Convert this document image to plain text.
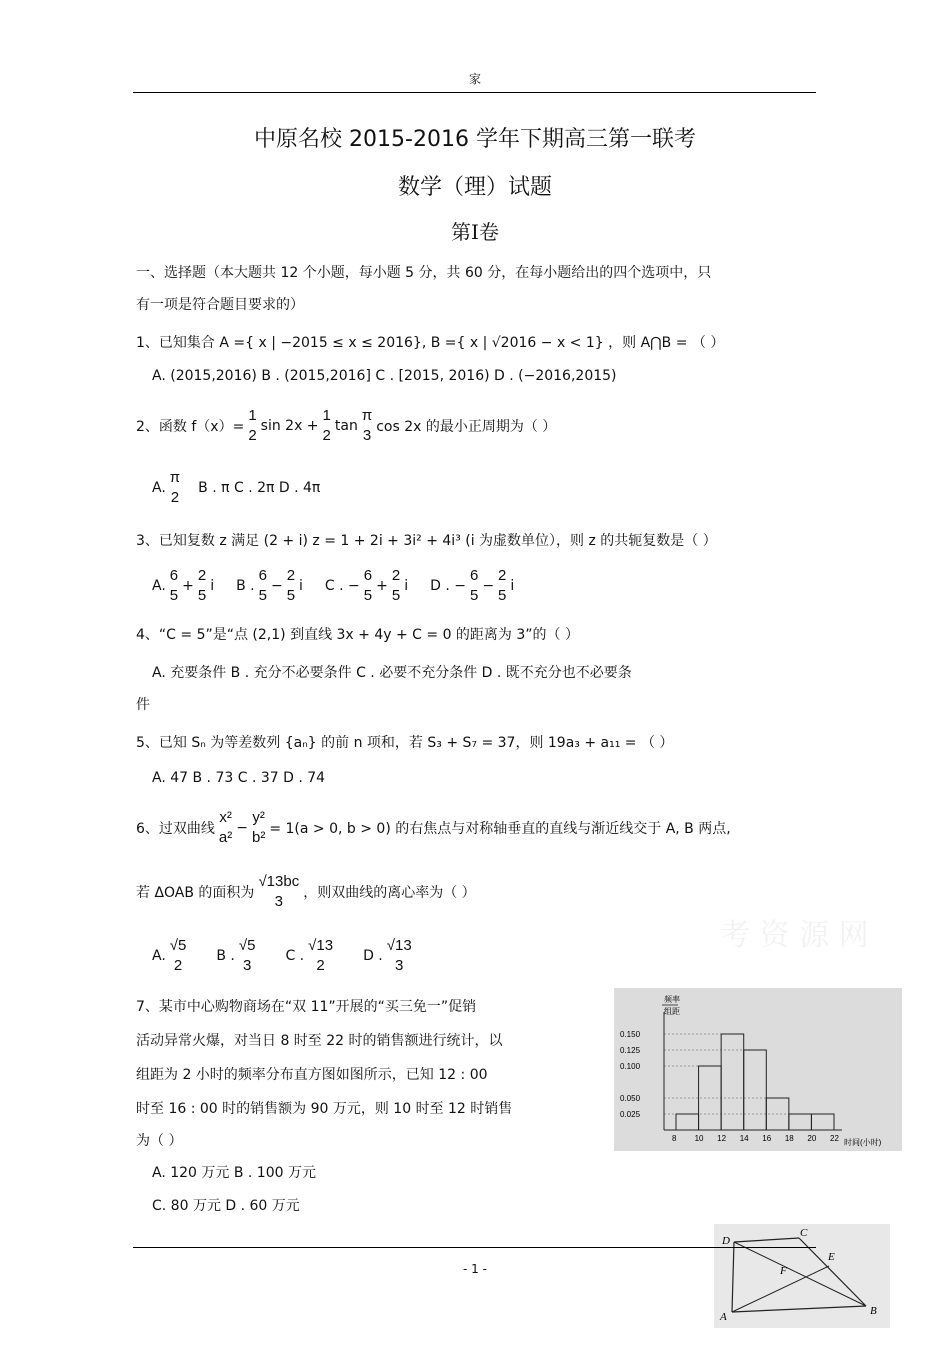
家
中原名校 2015-2016 学年下期高三第一联考
数学（理）试题
第Ⅰ卷
一、选择题（本大题共 12 个小题，每小题 5 分，共 60 分，在每小题给出的四个选项中，只
有一项是符合题目要求的）
1、已知集合 A ={ x | −2015 ≤ x ≤ 2016}, B ={ x | √2016 − x < 1} ，则 A⋂B = （ ）
A. (2015,2016) B . (2015,2016] C . [2015, 2016) D . (−2016,2015)
2、函数 f（x）=
1
2
sin 2x +
1
2
tan
π
3 cos 2x 的最小正周期为（ ）
A.
π
2
B . π C . 2π D . 4π
3、已知复数 z 满足 (2 + i) z = 1 + 2i + 3i² + 4i³ (i 为虚数单位），则 z 的共轭复数是（ ）
A.
6
5
+
2
5
i B .
6
5
−
2
5
i C . −
6
5
+
2
5
i D . −
6
5
−
2
5
i
4、“C = 5”是“点 (2,1) 到直线 3x + 4y + C = 0 的距离为 3”的（ ）
A. 充要条件 B . 充分不必要条件 C . 必要不充分条件 D . 既不充分也不必要条
件
5、已知 Sₙ 为等差数列 {aₙ} 的前 n 项和，若 S₃ + S₇ = 37，则 19a₃ + a₁₁ = （ ）
A. 47 B . 73 C . 37 D . 74
6、过双曲线
x²
a²
−
y²
b² = 1(a > 0, b > 0) 的右焦点与对称轴垂直的直线与渐近线交于 A, B 两点,
若 ΔOAB 的面积为
√13bc
3	，则双曲线的离心率为（ ）
A.
√5
2
B .
√5
3
C .
√13
2
D .
√13
3
考 资 源 网
7、某市中心购物商场在“双 11”开展的“买三免一”促销
活动异常火爆，对当日 8 时至 22 时的销售额进行统计，以
组距为 2 小时的频率分布直方图如图所示，已知 12 : 00
时至 16 : 00 时的销售额为 90 万元，则 10 时至 12 时销售
为（ ）
A. 120 万元 B . 100 万元
C. 80 万元 D . 60 万元
频率
组距
时间(小时)
0.150
0.125
0.100
0.050
0.025
8 10 12 14 16 18 20 22
D
C
E
F
A	B
- 1 -
